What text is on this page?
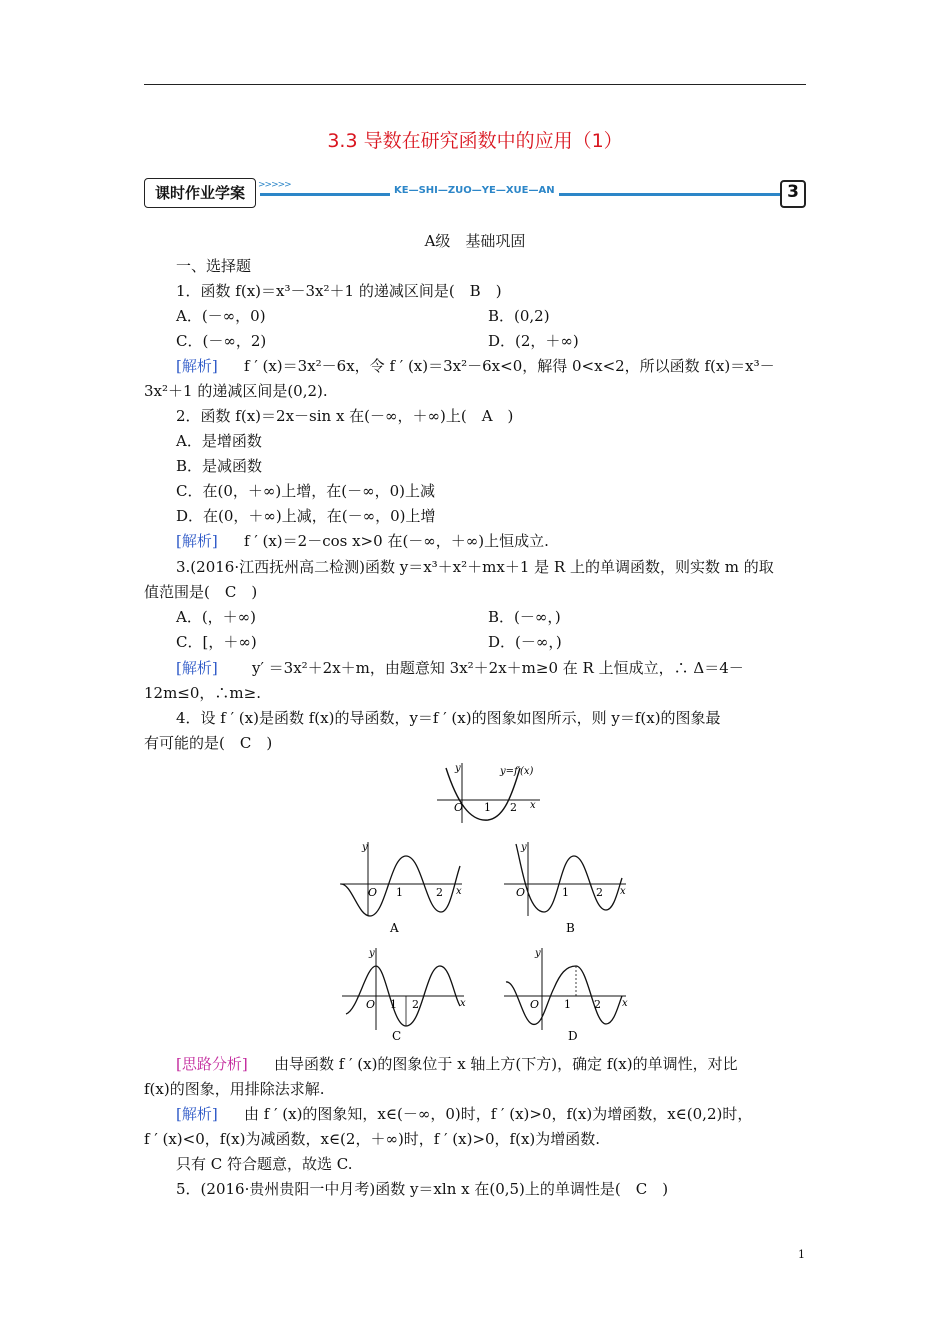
3.3 导数在研究函数中的应用（1）
课时作业学案	>>>>>	KE—SHI—ZUO—YE—XUE—AN	3
A级　基础巩固
一、选择题
1．函数 f(x)＝x³－3x²＋1 的递减区间是(　B　)
A．(－∞，0)	B．(0,2)
C．(－∞，2)	D．(2，＋∞)
[解析] f ′ (x)＝3x²－6x，令 f ′ (x)＝3x²－6x<0，解得 0<x<2，所以函数 f(x)＝x³－
3x²＋1 的递减区间是(0,2).
2．函数 f(x)＝2x－sin x 在(－∞，＋∞)上(　A　)
A．是增函数
B．是减函数
C．在(0，＋∞)上增，在(－∞，0)上减
D．在(0，＋∞)上减，在(－∞，0)上增
[解析] f ′ (x)＝2－cos x>0 在(－∞，＋∞)上恒成立.
3.(2016·江西抚州高二检测)函数 y＝x³＋x²＋mx＋1 是 R 上的单调函数，则实数 m 的取
值范围是(　C　)
A．(，＋∞)	B．(－∞，)
C．[，＋∞)	D．(－∞，)
[解析] y′ ＝3x²＋2x＋m，由题意知 3x²＋2x＋m≥0 在 R 上恒成立，∴ Δ＝4－
12m≤0，∴m≥.
4．设 f ′ (x)是函数 f(x)的导函数，y＝f ′ (x)的图象如图所示，则 y＝f(x)的图象最
有可能的是(　C　)
x
y
O 1 2
y=f′(x)
y
O 1	2 x
A
y
O	1 2 x
B
y
O 1 2	x
C
y
O 1 2 x
D
[思路分析] 由导函数 f ′ (x)的图象位于 x 轴上方(下方)，确定 f(x)的单调性，对比
f(x)的图象，用排除法求解.
[解析] 由 f ′ (x)的图象知，x∈(－∞，0)时，f ′ (x)>0，f(x)为增函数，x∈(0,2)时，
f ′ (x)<0，f(x)为减函数，x∈(2，＋∞)时，f ′ (x)>0，f(x)为增函数.
只有 C 符合题意，故选 C.
5．(2016·贵州贵阳一中月考)函数 y＝xln x 在(0,5)上的单调性是(　C　)
1
